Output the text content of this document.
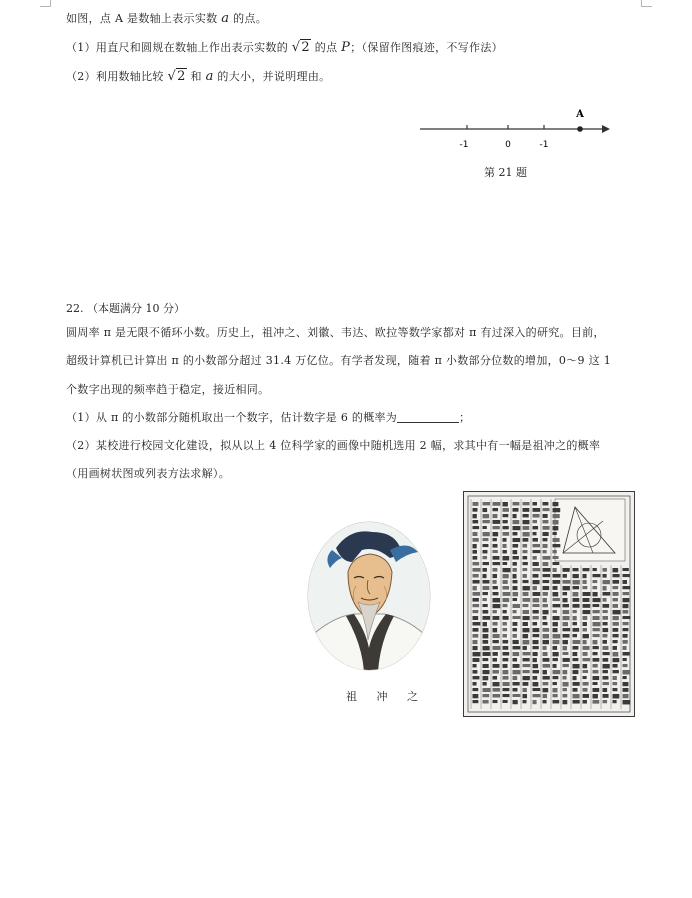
如图，点 A 是数轴上表示实数 a 的点。
（1）用直尺和圆规在数轴上作出表示实数的 √2 的点 P；（保留作图痕迹，不写作法）
（2）利用数轴比较 √2 和 a 的大小，并说明理由。
A
-1	0	-1
第 21 题
22. （本题满分 10 分）
圆周率 π 是无限不循环小数。历史上，祖冲之、刘徽、韦达、欧拉等数学家都对 π 有过深入的研究。目前，
超级计算机已计算出 π 的小数部分超过 31.4 万亿位。有学者发现，随着 π 小数部分位数的增加，0～9 这 1
个数字出现的频率趋于稳定，接近相同。
（1）从 π 的小数部分随机取出一个数字，估计数字是 6 的概率为	；
（2）某校进行校园文化建设，拟从以上 4 位科学家的画像中随机选用 2 幅，求其中有一幅是祖冲之的概率
（用画树状图或列表方法求解）。
祖 冲 之
